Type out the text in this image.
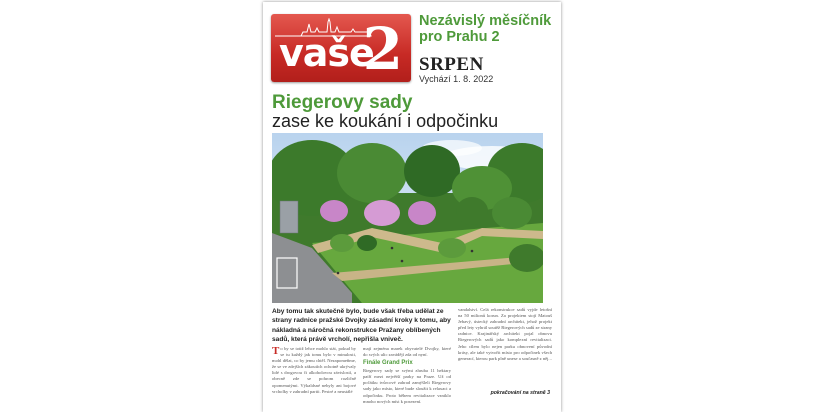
vaše
2 Nezávislý měsíčník pro Prahu 2
SRPEN
Vychází 1. 8. 2022
Riegerovy sady
zase ke koukání i odpočinku
Aby tomu tak skutečně bylo, bude však třeba udělat ze strany radnice pražské Dvojky zásadní kroky k tomu, aby nákladná a náročná rekonstrukce Pražany oblíbených sadů, která právě vrcholí, nepřišla vniveč.
To by se totiž lehce mohlo stát, pokud by se tu každý jak tomu bylo v minulosti, mohl dělat, co by jemu chtěl. Nezapomeňme, že se ve zdejších zákoutích ochotně ukrývaly lidé s drogovou či alkoholovou závislostí, a obecně zde se pohrom rozličně opomenutými. Výkaldsné nebyly ani bojové vrcholky v zahradní partii. Pestré a neustálé
mají zejména marek obyvatelé Dvojky, které do svých ulic zavádějí zda od nyní.
Finále Grand Prix
Riegerovy sady se svými zhruba 11 hektary patří mezi největší parky na Praze. Už od počátku tvůrcové zahrad zamýšleli Riegerovy sady jako místo, které bude sloužit k relaxaci a odpočinku. Proto během revitalizace vzniklo mnoho nových míst k posezení.
vandalství. Celá rekonstrukce sadů vyjde letošní na 50 milionů korun. Za projektem stojí Matouš Jebavý, ústecký zahradní architekt, jehož projekt před lety vyhrál soutěž Riegerových sadů ze strany radnice. Krajinářský architekt pojal obnovu Riegerových sadů jako komplexní revitalizaci. Jeho cílem bylo nejen parku obnovení původní krásy, ale také vytvořit místo pro odpočinek všech generací, kterou park plně unese a současně z něj...
pokračování na straně 3
